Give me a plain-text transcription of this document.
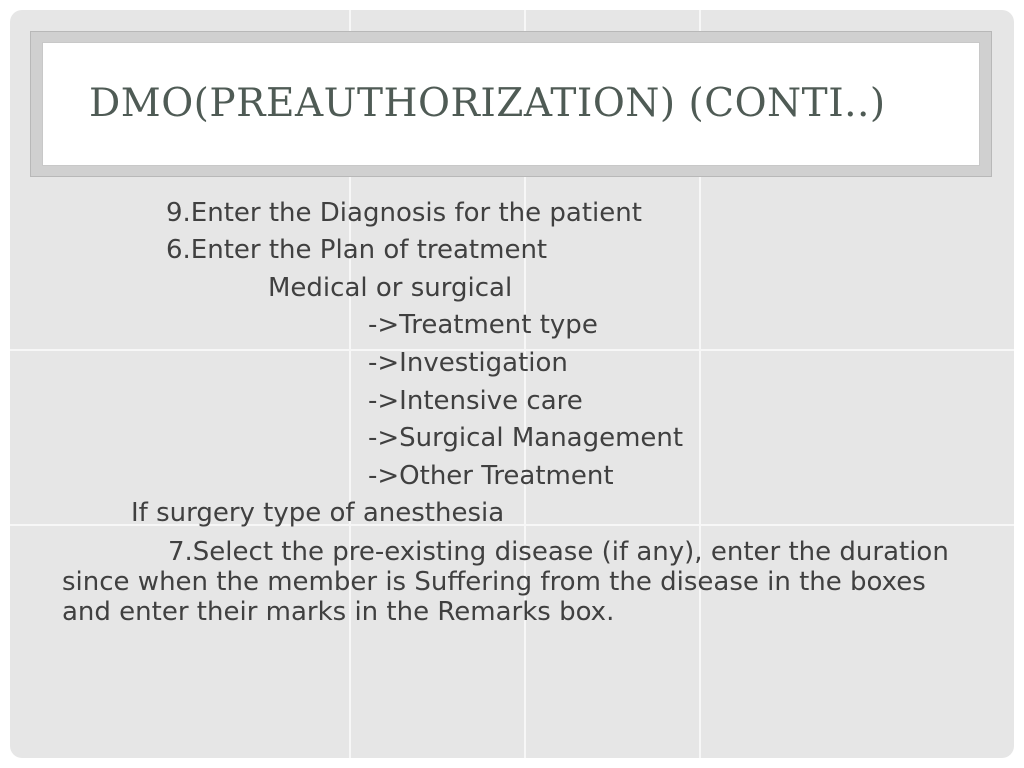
DMO(PREAUTHORIZATION) (CONTI..)

9.Enter the Diagnosis for the patient

6.Enter the Plan of treatment

Medical or surgical

->Treatment type

->Investigation

->Intensive care

->Surgical Management

->Other Treatment

If surgery type of anesthesia

7.Select the pre-existing disease (if any), enter the duration since when the member is Suffering from the disease in the boxes and enter their marks in the Remarks box.
